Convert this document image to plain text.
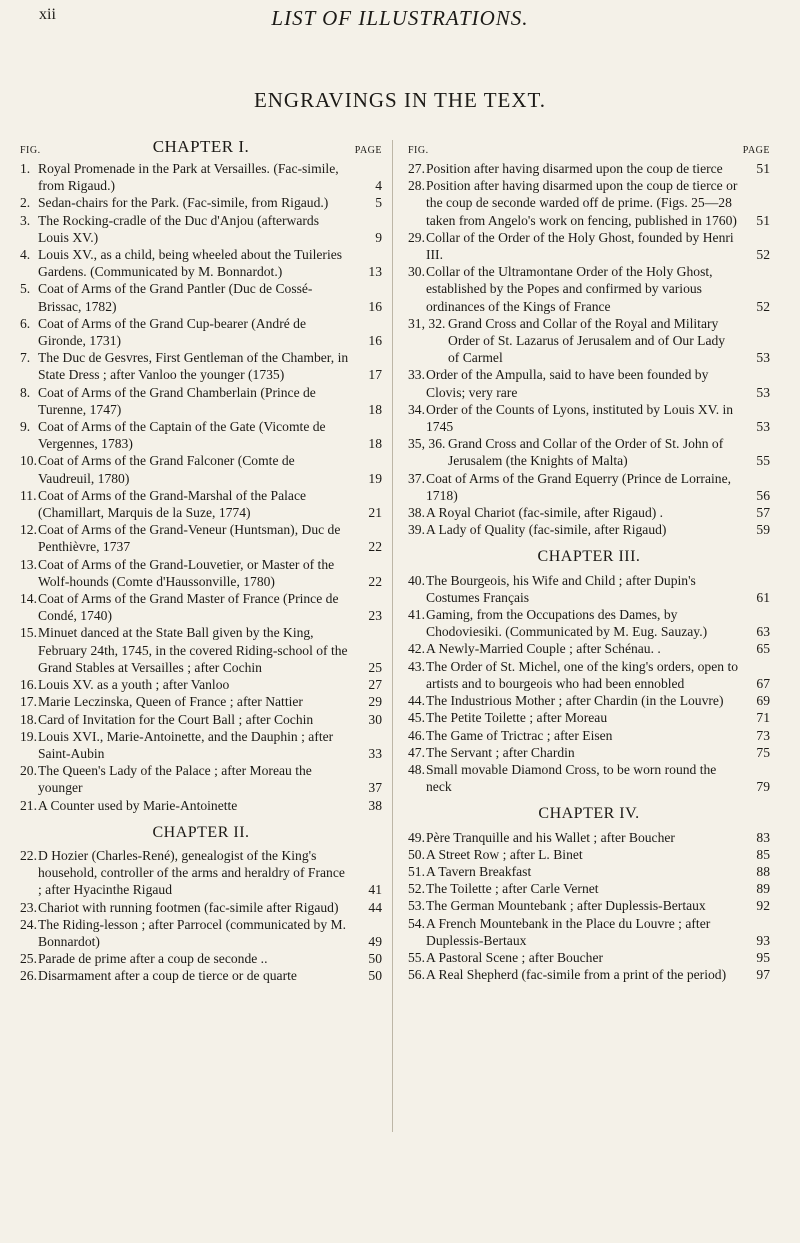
xii	LIST OF ILLUSTRATIONS.
ENGRAVINGS IN THE TEXT.
FIG.	CHAPTER I.	PAGE
1. Royal Promenade in the Park at Versailles. (Fac-simile, from Rigaud.)	4
2. Sedan-chairs for the Park. (Fac-simile, from Rigaud.)	5
3. The Rocking-cradle of the Duc d'Anjou (afterwards Louis XV.)	9
4. Louis XV., as a child, being wheeled about the Tuileries Gardens. (Communicated by M. Bonnardot.)	13
5. Coat of Arms of the Grand Pantler (Duc de Cossé-Brissac, 1782)	16
6. Coat of Arms of the Grand Cup-bearer (André de Gironde, 1731)	16
7. The Duc de Gesvres, First Gentleman of the Chamber, in State Dress ; after Vanloo the younger (1735)	17
8. Coat of Arms of the Grand Chamberlain (Prince de Turenne, 1747)	18
9. Coat of Arms of the Captain of the Gate (Vicomte de Vergennes, 1783)	18
10. Coat of Arms of the Grand Falconer (Comte de Vaudreuil, 1780)	19
11. Coat of Arms of the Grand-Marshal of the Palace (Chamillart, Marquis de la Suze, 1774)	21
12. Coat of Arms of the Grand-Veneur (Huntsman), Duc de Penthièvre, 1737	22
13. Coat of Arms of the Grand-Louvetier, or Master of the Wolf-hounds (Comte d'Haussonville, 1780)	22
14. Coat of Arms of the Grand Master of France (Prince de Condé, 1740)	23
15. Minuet danced at the State Ball given by the King, February 24th, 1745, in the covered Riding-school of the Grand Stables at Versailles ; after Cochin	25
16. Louis XV. as a youth ; after Vanloo	27
17. Marie Leczinska, Queen of France ; after Nattier	29
18. Card of Invitation for the Court Ball ; after Cochin	30
19. Louis XVI., Marie-Antoinette, and the Dauphin ; after Saint-Aubin	33
20. The Queen's Lady of the Palace ; after Moreau the younger	37
21. A Counter used by Marie-Antoinette	38
CHAPTER II.
22. D Hozier (Charles-René), genealogist of the King's household, controller of the arms and heraldry of France ; after Hyacinthe Rigaud	41
23. Chariot with running footmen (fac-simile after Rigaud) 44
24. The Riding-lesson ; after Parrocel (communicated by M. Bonnardot)	49
25. Parade de prime after a coup de seconde ..	50
26. Disarmament after a coup de tierce or de quarte	50
FIG.	PAGE
27. Position after having disarmed upon the coup de tierce 51
28. Position after having disarmed upon the coup de tierce or the coup de seconde warded off de prime. (Figs. 25—28 taken from Angelo's work on fencing, published in 1760) 51
29. Collar of the Order of the Holy Ghost, founded by Henri III.	52
30. Collar of the Ultramontane Order of the Holy Ghost, established by the Popes and confirmed by various ordinances of the Kings of France	52
31, 32. Grand Cross and Collar of the Royal and Military Order of St. Lazarus of Jerusalem and of Our Lady of Carmel	53
33. Order of the Ampulla, said to have been founded by Clovis; very rare	53
34. Order of the Counts of Lyons, instituted by Louis XV. in 1745	53
35, 36. Grand Cross and Collar of the Order of St. John of Jerusalem (the Knights of Malta)	55
37. Coat of Arms of the Grand Equerry (Prince de Lorraine, 1718)	56
38. A Royal Chariot (fac-simile, after Rigaud) .	57
39. A Lady of Quality (fac-simile, after Rigaud)	59
CHAPTER III.
40. The Bourgeois, his Wife and Child ; after Dupin's Costumes Français	61
41. Gaming, from the Occupations des Dames, by Chodoviesiki. (Communicated by M. Eug. Sauzay.)	63
42. A Newly-Married Couple ; after Schénau. .	65
43. The Order of St. Michel, one of the king's orders, open to artists and to bourgeois who had been ennobled	67
44. The Industrious Mother ; after Chardin (in the Louvre) 69
45. The Petite Toilette ; after Moreau	71
46. The Game of Trictrac ; after Eisen	73
47. The Servant ; after Chardin	75
48. Small movable Diamond Cross, to be worn round the neck	79
CHAPTER IV.
49. Père Tranquille and his Wallet ; after Boucher	83
50. A Street Row ; after L. Binet	85
51. A Tavern Breakfast	88
52. The Toilette ; after Carle Vernet	89
53. The German Mountebank ; after Duplessis-Bertaux	92
54. A French Mountebank in the Place du Louvre ; after Duplessis-Bertaux	93
55. A Pastoral Scene ; after Boucher	95
56. A Real Shepherd (fac-simile from a print of the period) 97
